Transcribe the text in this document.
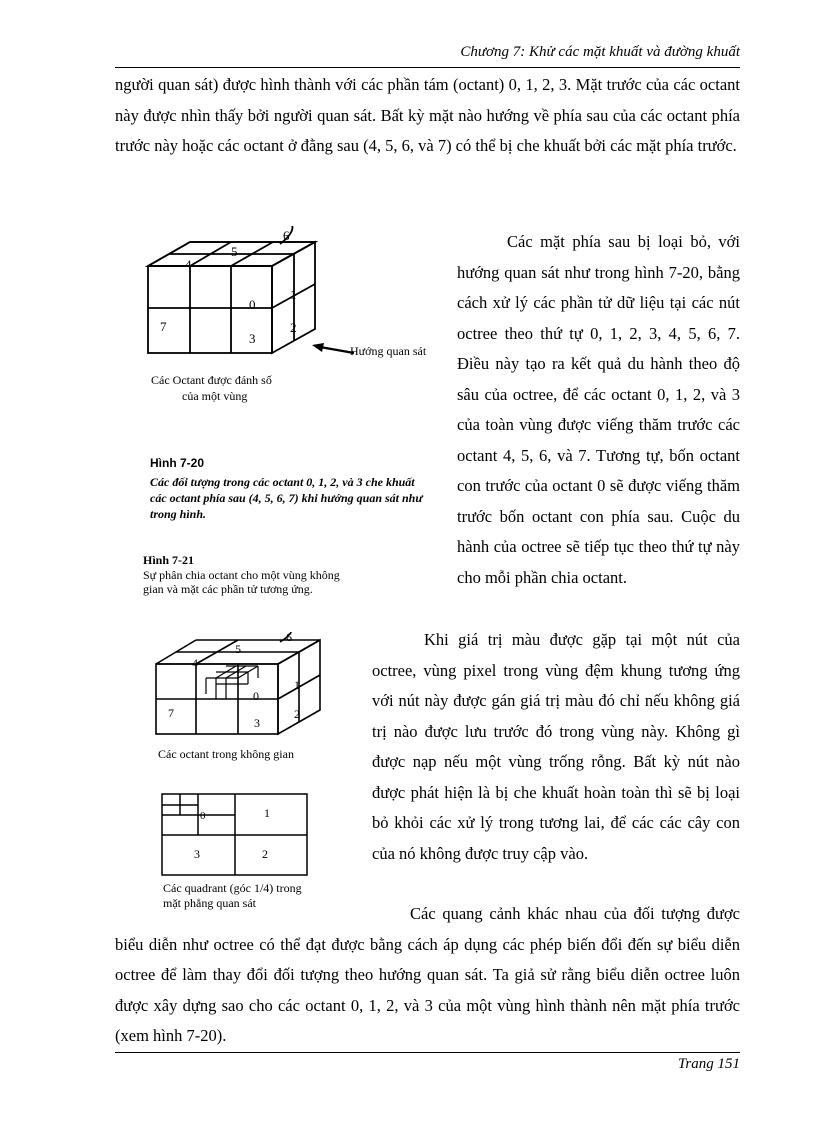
Chương 7: Khử các mặt khuất và đường khuất

người quan sát) được hình thành với các phần tám (octant) 0, 1, 2, 3. Mặt trước của các octant này được nhìn thấy bởi người quan sát. Bất kỳ mặt nào hướng về phía sau của các octant phía trước này hoặc các octant ở đằng sau (4, 5, 6, và 7) có thể bị che khuất bởi các mặt phía trước.

6
5
4
0
1
7
3
2
Hướng quan sát
Các Octant được đánh số
của một vùng
Hình 7-20
Các đối tượng trong các octant 0, 1, 2, và 3 che khuất các octant phía sau (4, 5, 6, 7) khi hướng quan sát như trong hình.

Các mặt phía sau bị loại bỏ, với hướng quan sát như trong hình 7-20, bằng cách xử lý các phần tử dữ liệu tại các nút octree theo thứ tự 0, 1, 2, 3, 4, 5, 6, 7. Điều này tạo ra kết quả du hành theo độ sâu của octree, để các octant 0, 1, 2, và 3 của toàn vùng được viếng thăm trước các octant 4, 5, 6, và 7. Tương tự, bốn octant con trước của octant 0 sẽ được viếng thăm trước bốn octant con phía sau. Cuộc du hành của octree sẽ tiếp tục theo thứ tự này cho mỗi phần chia octant.

Hình 7-21
Sự phân chia octant cho một vùng không gian và mặt các phần tử tương ứng.
6
5
4
0
1
7
3
2
Các octant trong không gian
0	1
3	2
Các quadrant (góc 1/4) trong
mặt phẳng quan sát

Khi giá trị màu được gặp tại một nút của octree, vùng pixel trong vùng đệm khung tương ứng với nút này được gán giá trị màu đó chỉ nếu không giá trị nào được lưu trước đó trong vùng này. Không gì được nạp nếu một vùng trống rỗng. Bất kỳ nút nào được phát hiện là bị che khuất hoàn toàn thì sẽ bị loại bỏ khỏi các xử lý trong tương lai, để các các cây con của nó không được truy cập vào.

Các quang cảnh khác nhau của đối tượng được biểu diễn như octree có thể đạt được bằng cách áp dụng các phép biến đổi đến sự biểu diễn octree để làm thay đổi đối tượng theo hướng quan sát. Ta giả sử rằng biểu diễn octree luôn được xây dựng sao cho các octant 0, 1, 2, và 3 của một vùng hình thành nên mặt phía trước (xem hình 7-20).

Trang 151
